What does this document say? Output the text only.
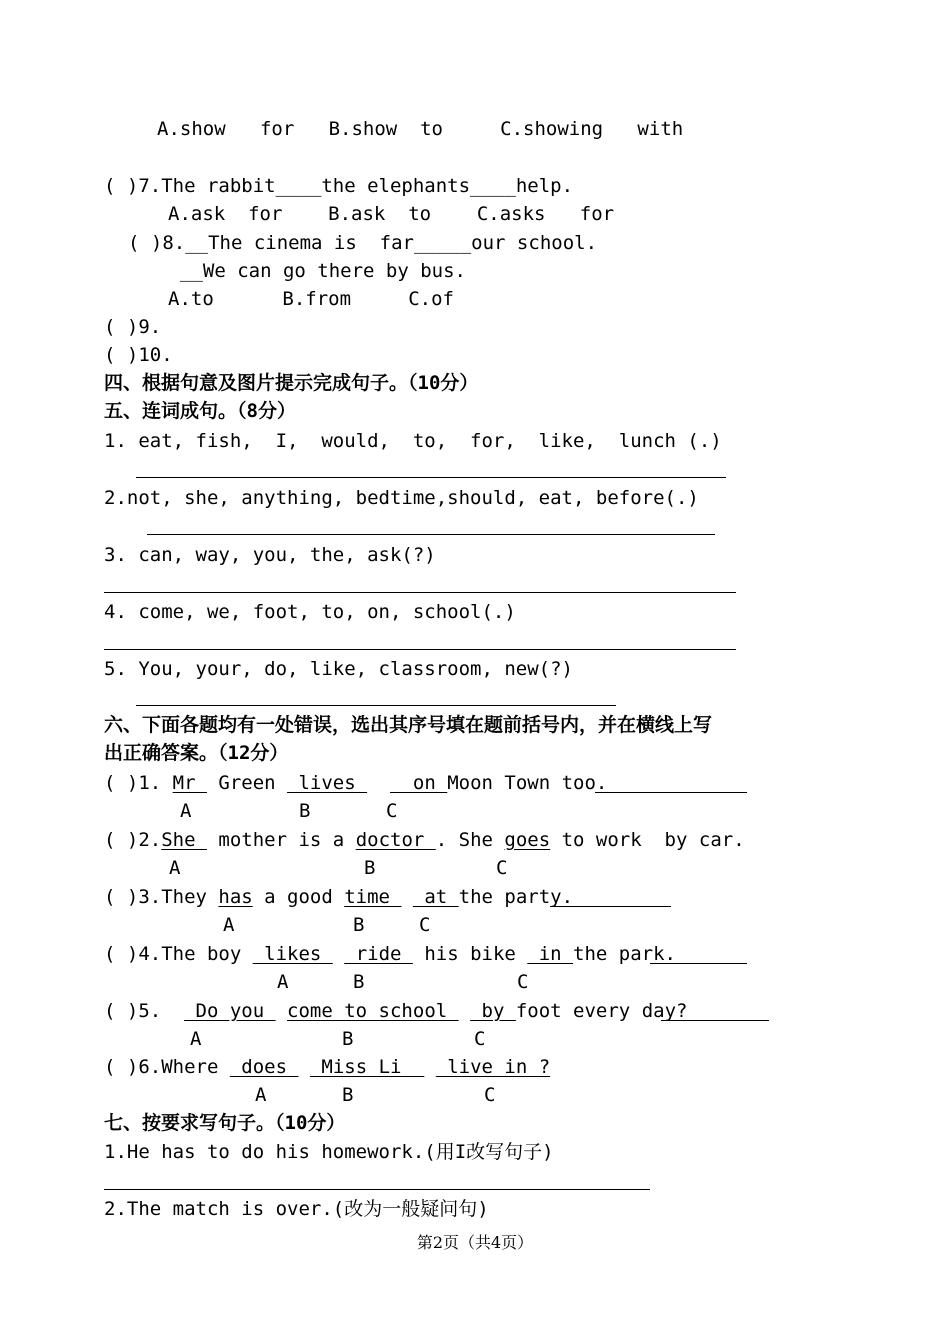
A.show   for   B.show  to     C.showing   with
( )7.The rabbit____the elephants____help.
A.ask  for    B.ask  to    C.asks   for
( )8.__The cinema is  far_____our school.
__We can go there by bus.
A.to      B.from     C.of
( )9.
( )10.
四、根据句意及图片提示完成句子。（10分）
五、连词成句。（8分）
1. eat, fish,  I,  would,  to,  for,  like,  lunch (.)
2.not, she, anything, bedtime,should, eat, before(.)
3. can, way, you, the, ask(?)
4. come, we, foot, to, on, school(.)
5. You, your, do, like, classroom, new(?)
六、下面各题均有一处错误，选出其序号填在题前括号内，并在横线上写
出正确答案。（12分）
( )1. Mr  Green  lives     on Moon Town too.
A	B	C
( )2.She  mother is a doctor . She goes to work  by car.
A	B	C
( )3.They has a good time   at the party.
A	B	C
( )4.The boy  likes   ride  his bike  in the park.
A	B	C
( )5.   Do you  come to school   by foot every day?
A	B	C
( )6.Where  does   Miss Li    live in ?
A	B	C
七、按要求写句子。（10分）
1.He has to do his homework.(用I改写句子)
2.The match is over.(改为一般疑问句)
第2页（共4页）
